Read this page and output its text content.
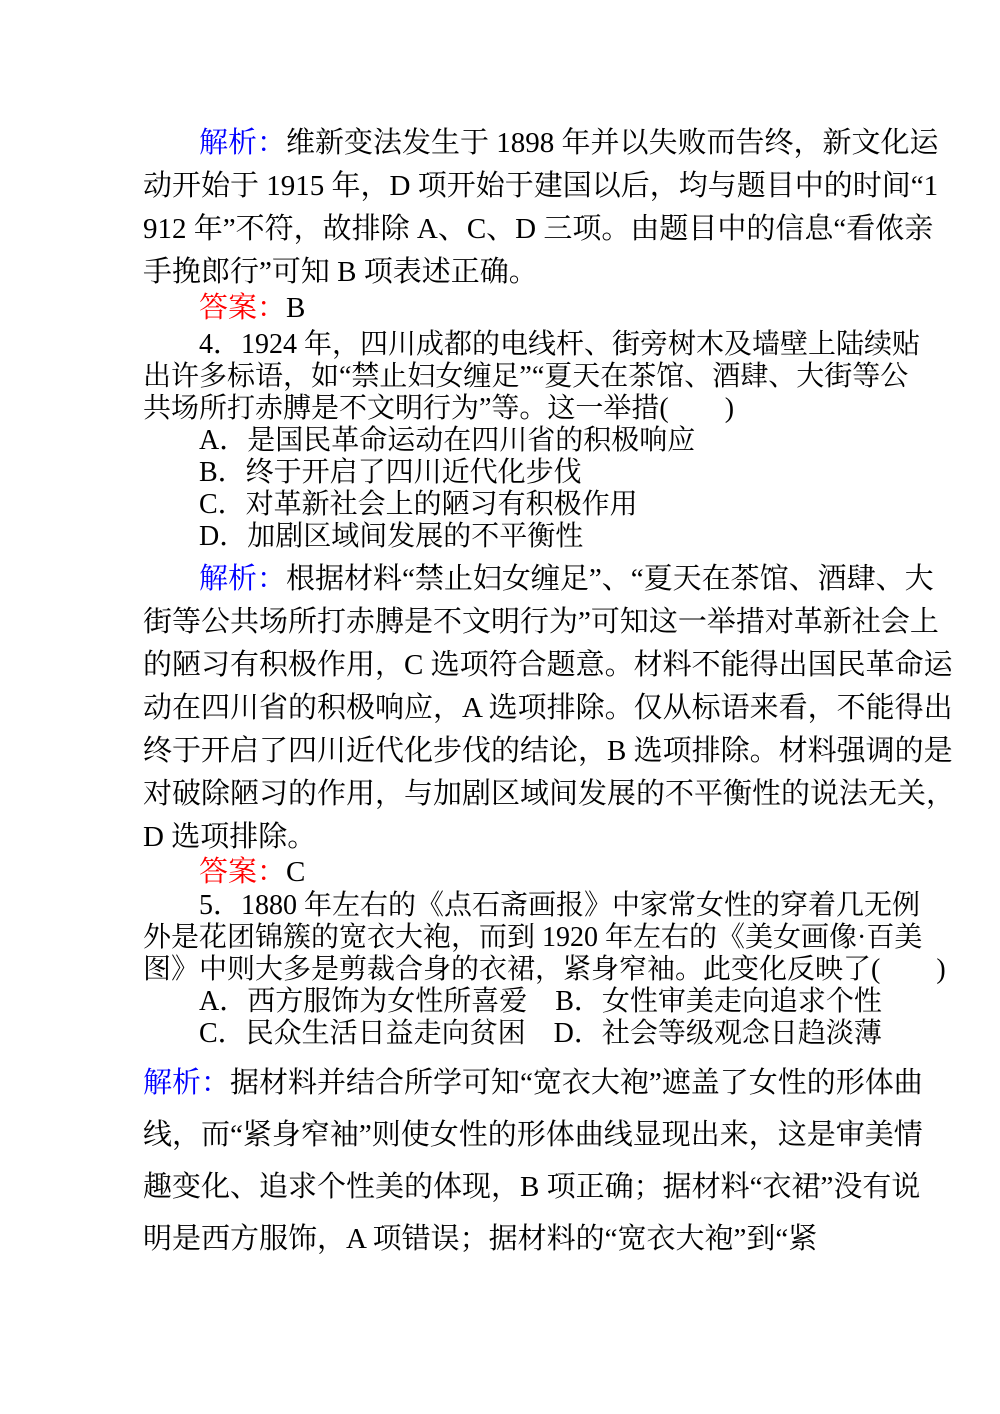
解析：维新变法发生于 1898 年并以失败而告终，新文化运
动开始于 1915 年，D 项开始于建国以后，均与题目中的时间“1
912 年”不符，故排除 A、C、D 三项。由题目中的信息“看侬亲
手挽郎行”可知 B 项表述正确。
答案：B
4．1924 年，四川成都的电线杆、街旁树木及墙壁上陆续贴
出许多标语，如“禁止妇女缠足”“夏天在茶馆、酒肆、大街等公
共场所打赤膊是不文明行为”等。这一举措(　　)
A．是国民革命运动在四川省的积极响应
B．终于开启了四川近代化步伐
C．对革新社会上的陋习有积极作用
D．加剧区域间发展的不平衡性
解析：根据材料“禁止妇女缠足”、“夏天在茶馆、酒肆、大
街等公共场所打赤膊是不文明行为”可知这一举措对革新社会上
的陋习有积极作用，C 选项符合题意。材料不能得出国民革命运
动在四川省的积极响应，A 选项排除。仅从标语来看，不能得出
终于开启了四川近代化步伐的结论，B 选项排除。材料强调的是
对破除陋习的作用，与加剧区域间发展的不平衡性的说法无关，
D 选项排除。
答案：C
5．1880 年左右的《点石斋画报》中家常女性的穿着几无例
外是花团锦簇的宽衣大袍，而到 1920 年左右的《美女画像·百美
图》中则大多是剪裁合身的衣裙，紧身窄袖。此变化反映了(　　)
A．西方服饰为女性所喜爱　B．女性审美走向追求个性
C．民众生活日益走向贫困　D．社会等级观念日趋淡薄
解析：据材料并结合所学可知“宽衣大袍”遮盖了女性的形体曲
线，而“紧身窄袖”则使女性的形体曲线显现出来，这是审美情
趣变化、追求个性美的体现，B 项正确；据材料“衣裙”没有说
明是西方服饰，A 项错误；据材料的“宽衣大袍”到“紧
